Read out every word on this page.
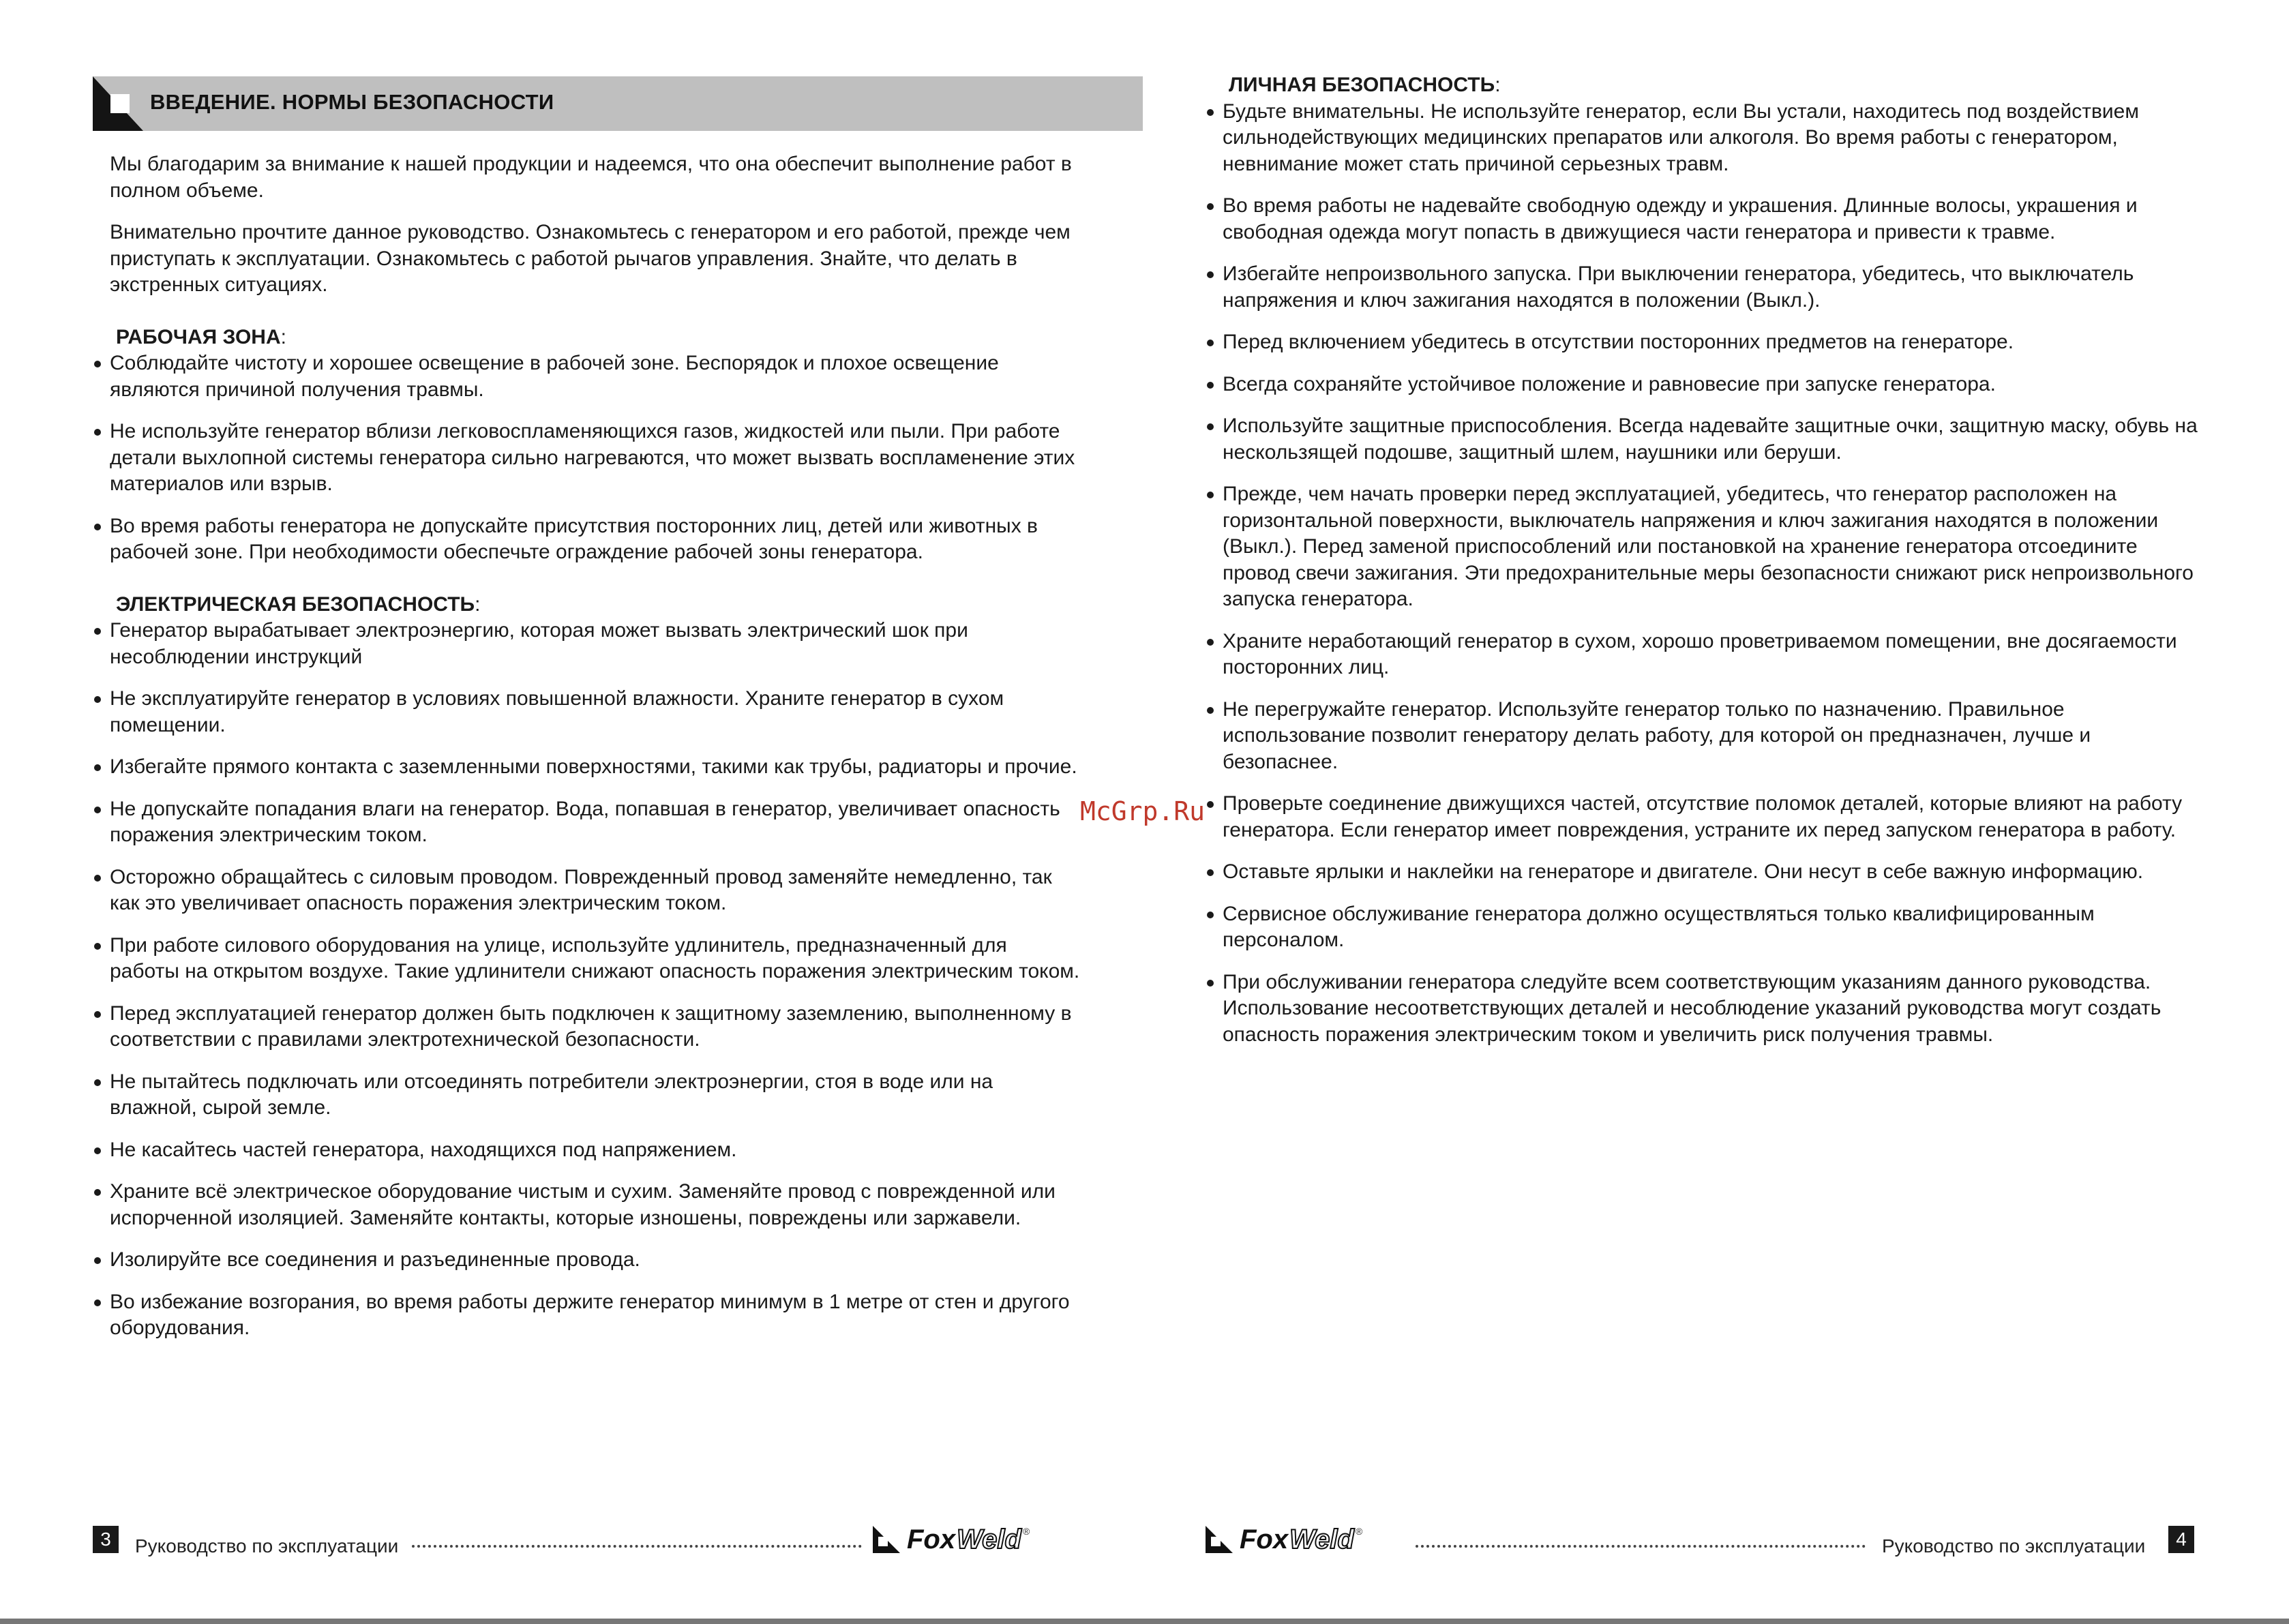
ВВЕДЕНИЕ. НОРМЫ БЕЗОПАСНОСТИ

Мы благодарим за внимание к нашей продукции и надеемся, что она обеспечит выполнение работ в полном объеме.

Внимательно прочтите данное руководство. Ознакомьтесь с генератором и его работой, прежде чем приступать к эксплуатации. Ознакомьтесь с работой рычагов управления. Знайте, что делать в экстренных ситуациях.

РАБОЧАЯ ЗОНА:
Соблюдайте чистоту и хорошее освещение в рабочей зоне. Беспорядок и плохое освещение являются причиной получения травмы.
Не используйте генератор вблизи легковоспламеняющихся газов, жидкостей или пыли. При работе детали выхлопной системы генератора сильно нагреваются, что может вызвать воспламенение этих материалов или взрыв.
Во время работы генератора не допускайте присутствия посторонних лиц, детей или животных в рабочей зоне. При необходимости обеспечьте ограждение рабочей зоны генератора.
ЭЛЕКТРИЧЕСКАЯ БЕЗОПАСНОСТЬ:
Генератор вырабатывает электроэнергию, которая может вызвать электрический шок при несоблюдении инструкций
Не эксплуатируйте генератор в условиях повышенной влажности. Храните генератор в сухом помещении.
Избегайте прямого контакта с заземленными поверхностями, такими как трубы, радиаторы и прочие.
Не допускайте попадания влаги на генератор. Вода, попавшая в генератор, увеличивает опасность поражения электрическим током.
Осторожно обращайтесь с силовым проводом. Поврежденный провод заменяйте немедленно, так как это увеличивает опасность поражения электрическим током.
При работе силового оборудования на улице, используйте удлинитель, предназначенный для работы на открытом воздухе. Такие удлинители снижают опасность поражения электрическим током.
Перед эксплуатацией генератор должен быть подключен к защитному заземлению, выполненному в соответствии с правилами электротехнической безопасности.
Не пытайтесь подключать или отсоединять потребители электроэнергии, стоя в воде или на влажной, сырой земле.
Не касайтесь частей генератора, находящихся под напряжением.
Храните всё электрическое оборудование чистым и сухим. Заменяйте провод с поврежденной или испорченной изоляцией. Заменяйте контакты, которые изношены, повреждены или заржавели.
Изолируйте все соединения и разъединенные провода.
Во избежание возгорания, во время работы держите генератор минимум в 1 метре от стен и другого оборудования.
ЛИЧНАЯ БЕЗОПАСНОСТЬ:
Будьте внимательны. Не используйте генератор, если Вы устали, находитесь под воздействием сильнодействующих медицинских препаратов или алкоголя. Во время работы с генератором, невнимание может стать причиной серьезных травм.
Во время работы не надевайте свободную одежду и украшения. Длинные волосы, украшения и свободная одежда могут попасть в движущиеся части генератора и привести к травме.
Избегайте непроизвольного запуска. При выключении генератора, убедитесь, что выключатель напряжения и ключ зажигания находятся в положении (Выкл.).
Перед включением убедитесь в отсутствии посторонних предметов на генераторе.
Всегда сохраняйте устойчивое положение и равновесие при запуске генератора.
Используйте защитные приспособления. Всегда надевайте защитные очки, защитную маску, обувь на нескользящей подошве, защитный шлем, наушники или беруши.
Прежде, чем начать проверки перед эксплуатацией, убедитесь, что генератор расположен на горизонтальной поверхности, выключатель напряжения и ключ зажигания находятся в положении (Выкл.). Перед заменой приспособлений или постановкой на хранение генератора отсоедините провод свечи зажигания. Эти предохранительные меры безопасности снижают риск непроизвольного запуска генератора.
Храните неработающий генератор в сухом, хорошо проветриваемом помещении, вне досягаемости посторонних лиц.
Не перегружайте генератор. Используйте генератор только по назначению. Правильное использование позволит генератору делать работу, для которой он предназначен, лучше и безопаснее.
Проверьте соединение движущихся частей, отсутствие поломок деталей, которые влияют на работу генератора. Если генератор имеет повреждения, устраните их перед запуском генератора в работу.
Оставьте ярлыки и наклейки на генераторе и двигателе. Они несут в себе важную информацию.
Сервисное обслуживание генератора должно осуществляться только квалифицированным персоналом.
При обслуживании генератора следуйте всем соответствующим указаниям данного руководства. Использование несоответствующих деталей и несоблюдение указаний руководства могут создать опасность поражения электрическим током и увеличить риск получения травмы.
McGrp.Ru
3	Руководство по эксплуатации	Fox Weld ®	Fox Weld ®
Руководство по эксплуатации	4
